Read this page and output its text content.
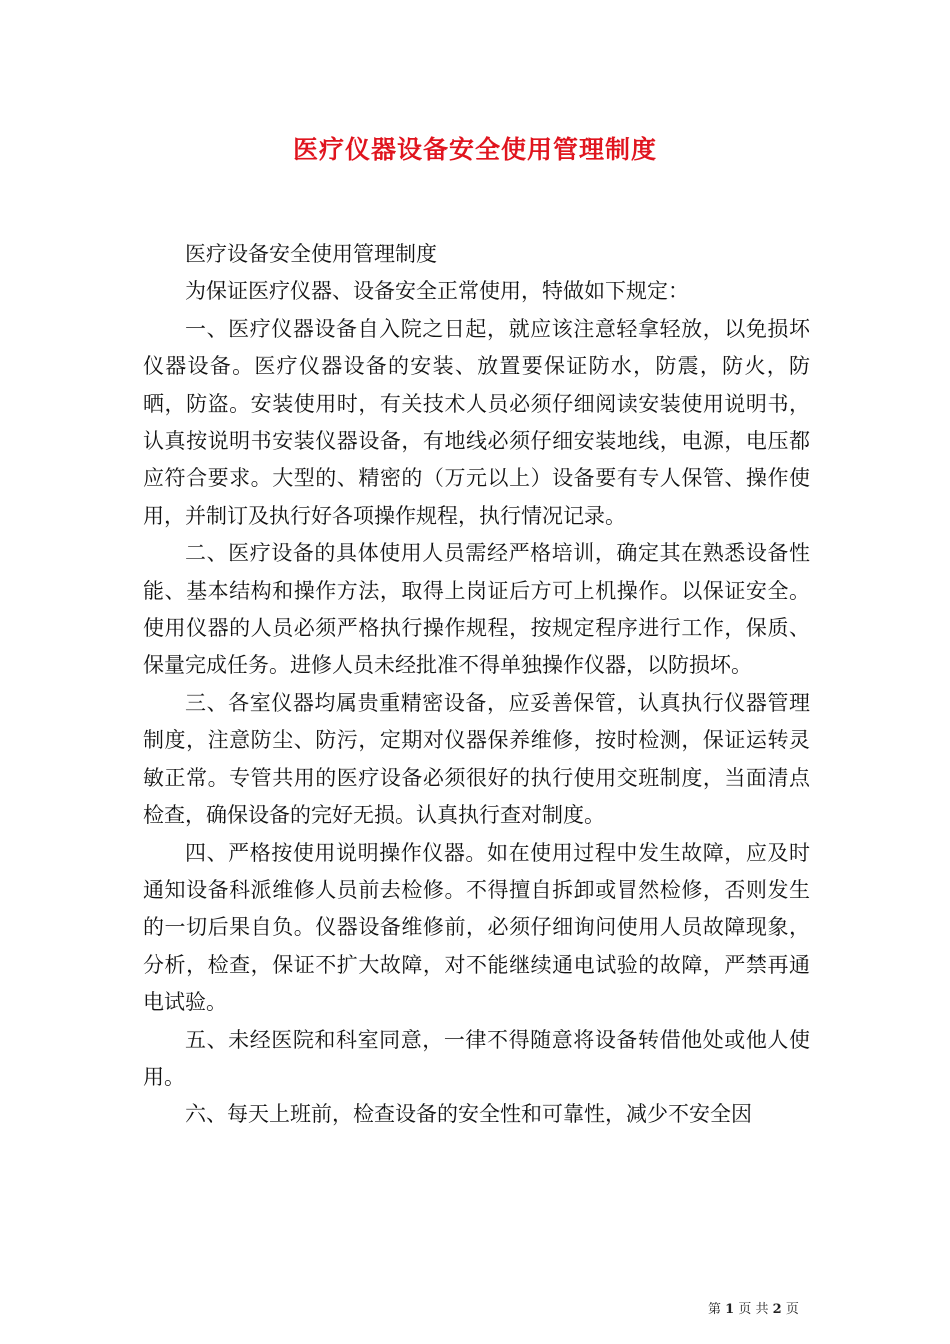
医疗仪器设备安全使用管理制度

医疗设备安全使用管理制度

为保证医疗仪器、设备安全正常使用，特做如下规定：

一、医疗仪器设备自入院之日起，就应该注意轻拿轻放，以免损坏仪器设备。医疗仪器设备的安装、放置要保证防水，防震，防火，防晒，防盗。安装使用时，有关技术人员必须仔细阅读安装使用说明书，认真按说明书安装仪器设备，有地线必须仔细安装地线，电源，电压都应符合要求。大型的、精密的（万元以上）设备要有专人保管、操作使用，并制订及执行好各项操作规程，执行情况记录。

二、医疗设备的具体使用人员需经严格培训，确定其在熟悉设备性能、基本结构和操作方法，取得上岗证后方可上机操作。以保证安全。使用仪器的人员必须严格执行操作规程，按规定程序进行工作，保质、保量完成任务。进修人员未经批准不得单独操作仪器，以防损坏。

三、各室仪器均属贵重精密设备，应妥善保管，认真执行仪器管理制度，注意防尘、防污，定期对仪器保养维修，按时检测，保证运转灵敏正常。专管共用的医疗设备必须很好的执行使用交班制度，当面清点检查，确保设备的完好无损。认真执行查对制度。

四、严格按使用说明操作仪器。如在使用过程中发生故障，应及时通知设备科派维修人员前去检修。不得擅自拆卸或冒然检修，否则发生的一切后果自负。仪器设备维修前，必须仔细询问使用人员故障现象，分析，检查，保证不扩大故障，对不能继续通电试验的故障，严禁再通电试验。

五、未经医院和科室同意，一律不得随意将设备转借他处或他人使用。

六、每天上班前，检查设备的安全性和可靠性，减少不安全因

第 1 页 共 2 页
